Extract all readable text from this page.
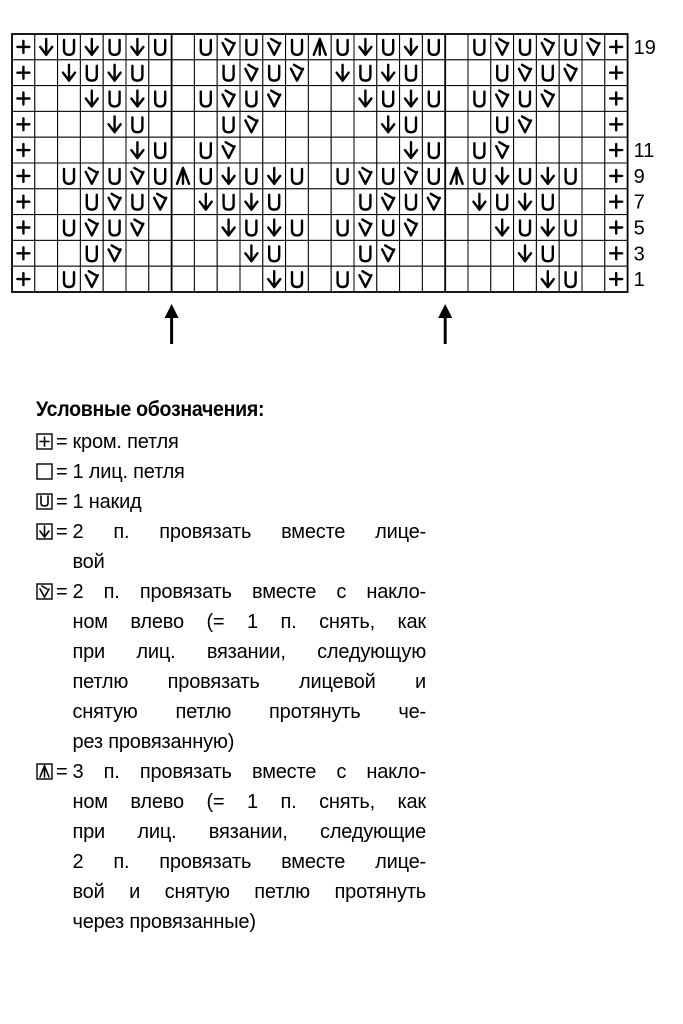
19
11
9
7
5
3
1
Условные обозначения:
= кром. петля
= 1 лиц. петля
= 1 накид
= 2 п. провязать вместе лице-
вой
= 2 п. провязать вместе с накло-
ном влево (= 1 п. снять, как
при лиц. вязании, следующую
петлю провязать лицевой и
снятую петлю протянуть че-
рез провязанную)
= 3 п. провязать вместе с накло-
ном влево (= 1 п. снять, как
при лиц. вязании, следующие
2 п. провязать вместе лице-
вой и снятую петлю протянуть
через провязанные)
